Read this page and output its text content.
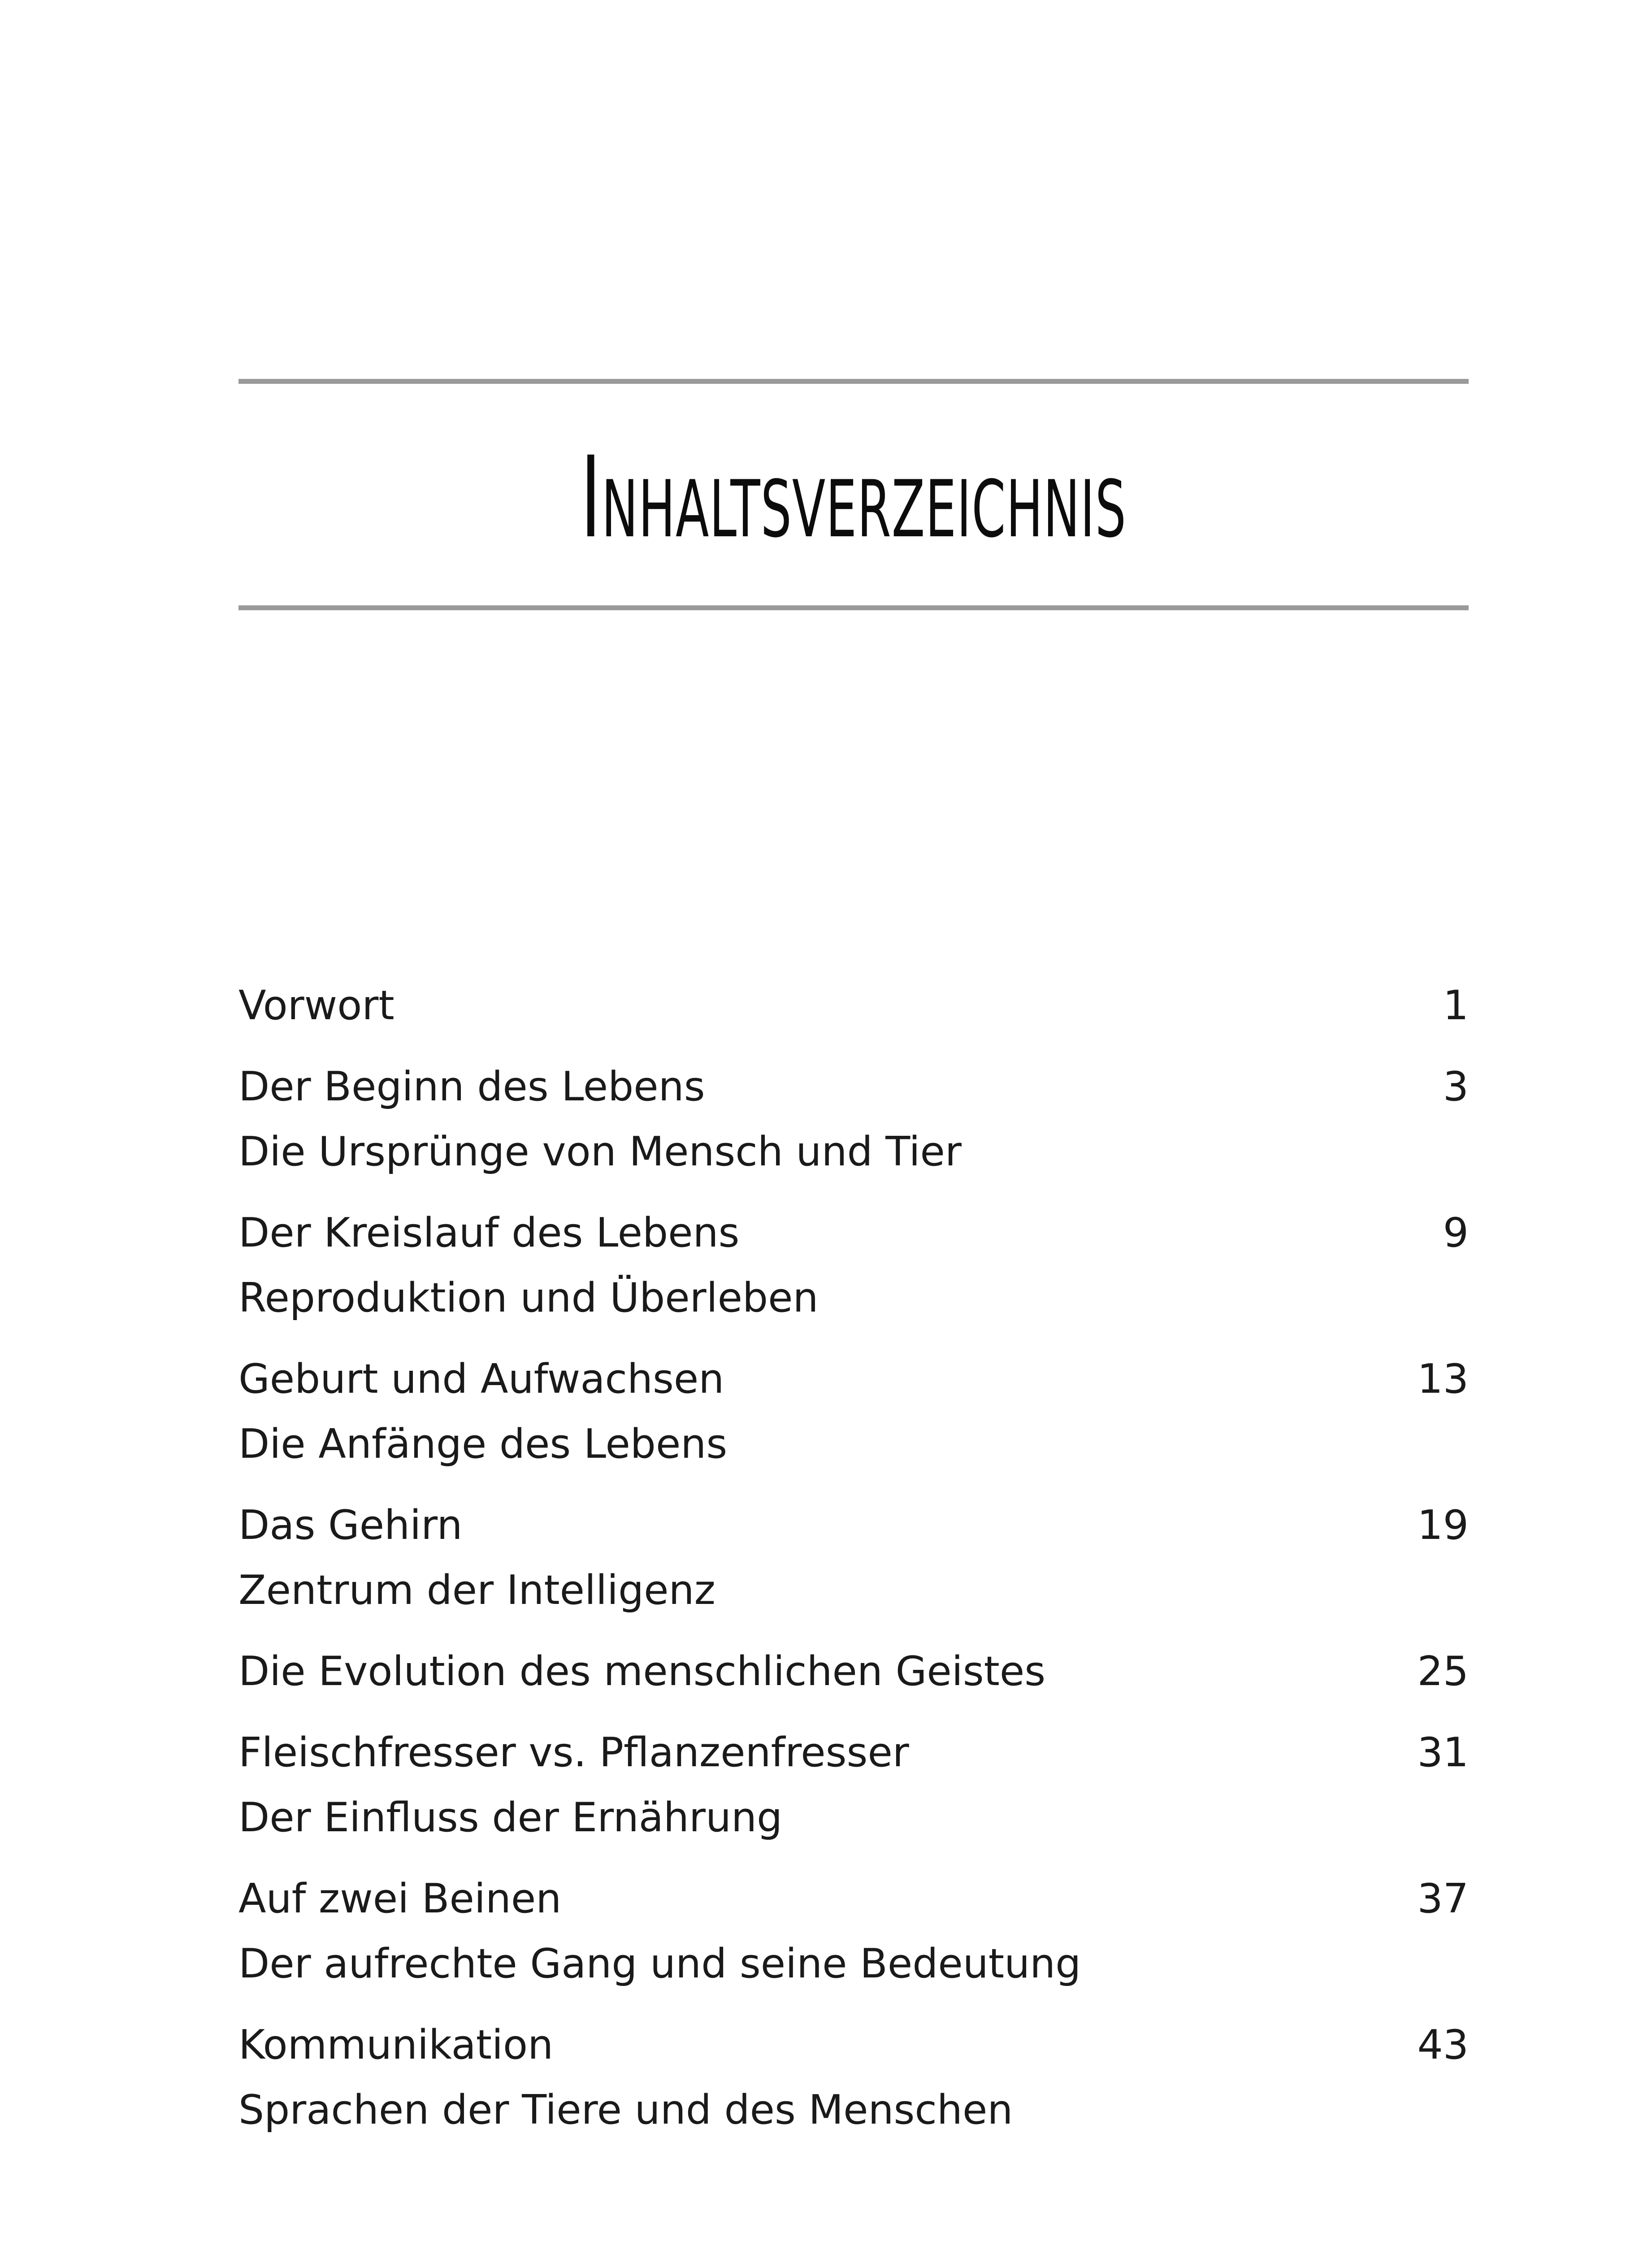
Inhaltsverzeichnis
Vorwort	1
Der Beginn des Lebens	3
Die Ursprünge von Mensch und Tier
Der Kreislauf des Lebens	9
Reproduktion und Überleben
Geburt und Aufwachsen	13
Die Anfänge des Lebens
Das Gehirn	19
Zentrum der Intelligenz
Die Evolution des menschlichen Geistes	25
Fleischfresser vs. Pflanzenfresser	31
Der Einfluss der Ernährung
Auf zwei Beinen	37
Der aufrechte Gang und seine Bedeutung
Kommunikation	43
Sprachen der Tiere und des Menschen
